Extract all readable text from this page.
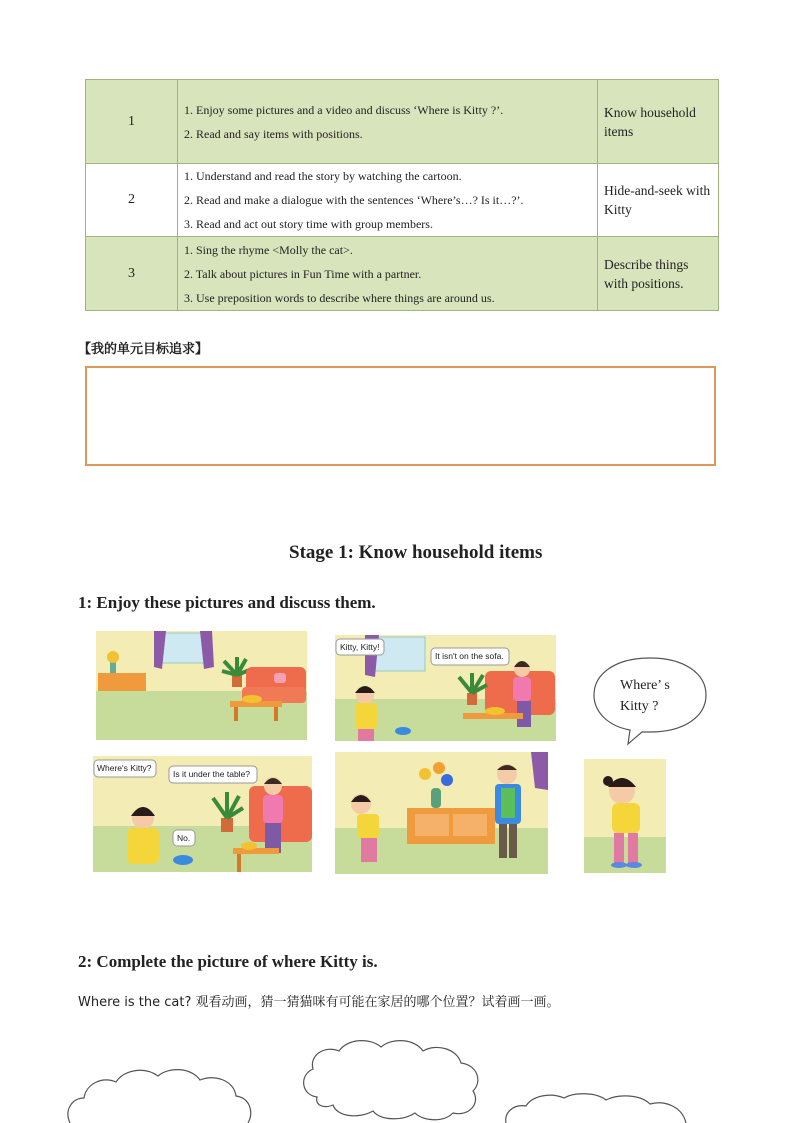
1	1. Enjoy some pictures and a video and discuss ‘Where is Kitty ?’.
2. Read and say items with positions.	Know household items
2	1. Understand and read the story by watching the cartoon.
2. Read and make a dialogue with the sentences ‘Where’s…? Is it…?’.
3. Read and act out story time with group members.	Hide-and-seek with Kitty
3	1. Sing the rhyme <Molly the cat>.
2. Talk about pictures in Fun Time with a partner.
3. Use preposition words to describe where things are around us.	Describe things with positions.
【我的单元目标追求】
Stage 1: Know household items
1: Enjoy these pictures and discuss them.
Kitty, Kitty!
It isn't on the sofa.
Where’ s
Kitty ?
Where's Kitty?
Is it under the table?
No.
2: Complete the picture of where Kitty is.
Where is the cat? 观看动画，猜一猜猫咪有可能在家居的哪个位置？试着画一画。
